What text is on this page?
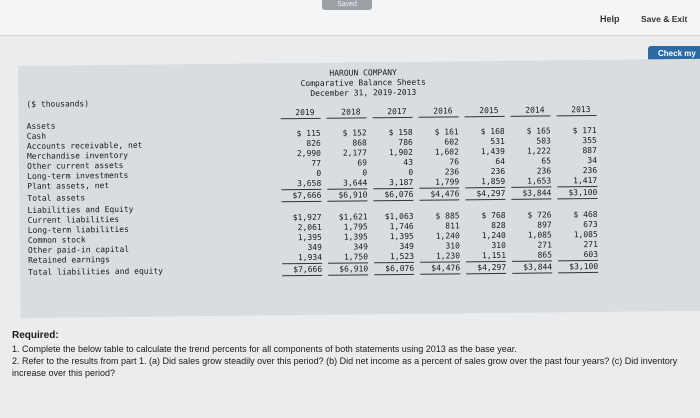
Saved
Help	Save & Exit
Check my
HAROUN COMPANY
Comparative Balance Sheets
December 31, 2019-2013
($ thousands)
2019	2018	2017	2016	2015	2014	2013
Assets
Cash	$ 115	$ 152	$ 158	$ 161	$ 168	$ 165	$ 171
Accounts receivable, net	826	868	786	602	531	503	355
Merchandise inventory	2,990	2,177	1,902	1,602	1,439	1,222	887
Other current assets	77	69	43	76	64	65	34
Long-term investments	0	0	0	236	236	236	236
Plant assets, net	3,658	3,644	3,187	1,799	1,859	1,653	1,417
Total assets	$7,666	$6,910	$6,076	$4,476	$4,297	$3,844	$3,100
Liabilities and Equity
Current liabilities	$1,927	$1,621	$1,063	$ 885	$ 768	$ 726	$ 468
Long-term liabilities	2,061	1,795	1,746	811	828	897	673
Common stock	1,395	1,395	1,395	1,240	1,240	1,085	1,085
Other paid-in capital	349	349	349	310	310	271	271
Retained earnings	1,934	1,750	1,523	1,230	1,151	865	603
Total liabilities and equity	$7,666	$6,910	$6,076	$4,476	$4,297	$3,844	$3,100
Required:
1. Complete the below table to calculate the trend percents for all components of both statements using 2013 as the base year.
2. Refer to the results from part 1. (a) Did sales grow steadily over this period? (b) Did net income as a percent of sales grow over the past four years? (c) Did inventory increase over this period?
